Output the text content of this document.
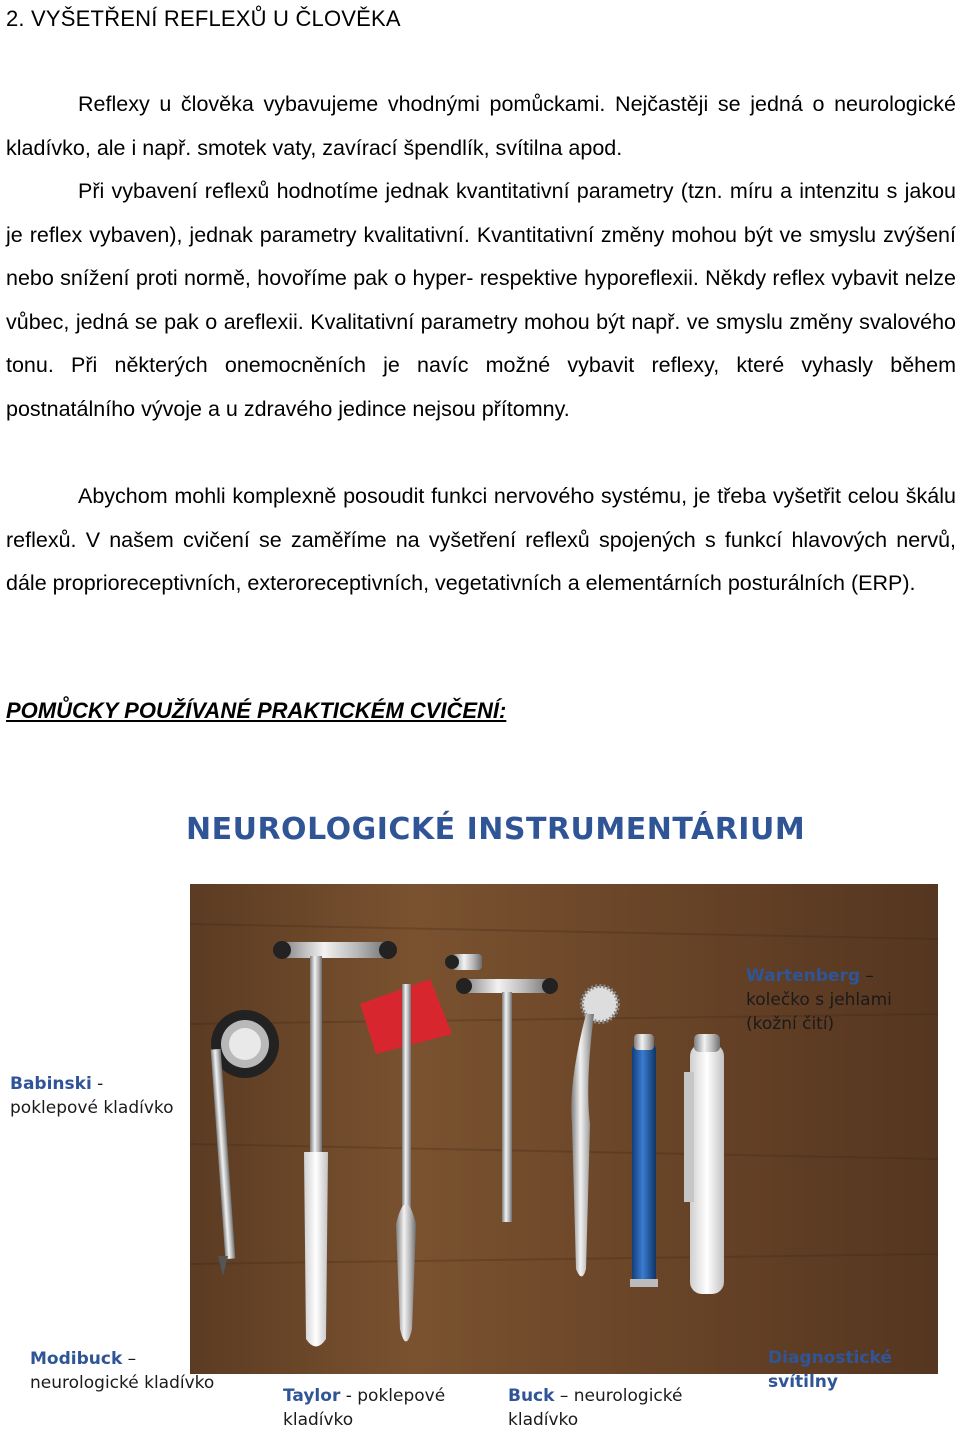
2. VYŠETŘENÍ REFLEXŮ U ČLOVĚKA

Reflexy u člověka vybavujeme vhodnými pomůckami. Nejčastěji se jedná o neurologické kladívko, ale i např. smotek vaty, zavírací špendlík, svítilna apod.

Při vybavení reflexů hodnotíme jednak kvantitativní parametry (tzn. míru a intenzitu s jakou je reflex vybaven), jednak parametry kvalitativní. Kvantitativní změny mohou být ve smyslu zvýšení nebo snížení proti normě, hovoříme pak o hyper- respektive hyporeflexii. Někdy reflex vybavit nelze vůbec, jedná se pak o areflexii. Kvalitativní parametry mohou být např. ve smyslu změny svalového tonu. Při některých onemocněních je navíc možné vybavit reflexy, které vyhasly během postnatálního vývoje a u zdravého jedince nejsou přítomny.

Abychom mohli komplexně posoudit funkci nervového systému, je třeba vyšetřit celou škálu reflexů. V našem cvičení se zaměříme na vyšetření reflexů spojených s funkcí hlavových nervů, dále proprioreceptivních, exteroreceptivních, vegetativních a elementárních posturálních (ERP).

POMŮCKY POUŽÍVANÉ PRAKTICKÉM CVIČENÍ:
NEUROLOGICKÉ INSTRUMENTÁRIUM
Wartenberg –
kolečko s jehlami
(kožní čití)
Babinski -
poklepové kladívko
Modibuck –
neurologické kladívko
Taylor - poklepové
kladívko
Buck – neurologické
kladívko
Diagnostické
svítilny
